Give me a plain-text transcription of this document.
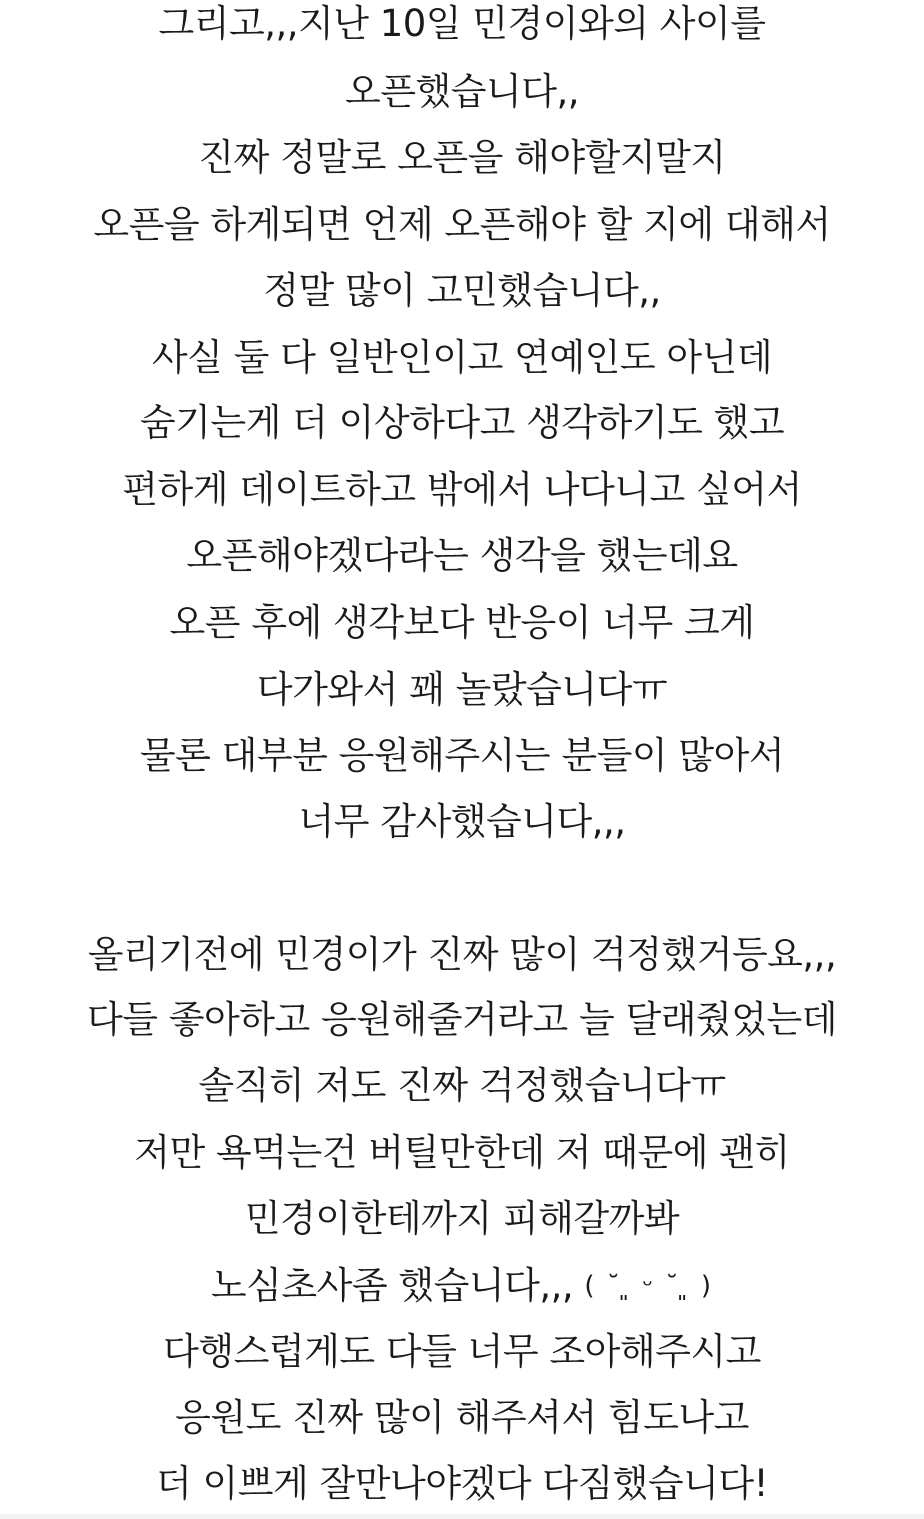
그리고,,,지난 10일 민경이와의 사이를
오픈했습니다,,
진짜 정말로 오픈을 해야할지말지
오픈을 하게되면 언제 오픈해야 할 지에 대해서
정말 많이 고민했습니다,,
사실 둘 다 일반인이고 연예인도 아닌데
숨기는게 더 이상하다고 생각하기도 했고
편하게 데이트하고 밖에서 나다니고 싶어서
오픈해야겠다라는 생각을 했는데요
오픈 후에 생각보다 반응이 너무 크게
다가와서 꽤 놀랐습니다ㅠ
물론 대부분 응원해주시는 분들이 많아서
너무 감사했습니다,,,
올리기전에 민경이가 진짜 많이 걱정했거등요,,,
다들 좋아하고 응원해줄거라고 늘 달래줬었는데
솔직히 저도 진짜 걱정했습니다ㅠ
저만 욕먹는건 버틸만한데 저 때문에 괜히
민경이한테까지 피해갈까봐
노심초사좀 했습니다,,, ( ˘ ͈ ᵕ ˘ ͈ )
다행스럽게도 다들 너무 조아해주시고
응원도 진짜 많이 해주셔서 힘도나고
더 이쁘게 잘만나야겠다 다짐했습니다!
